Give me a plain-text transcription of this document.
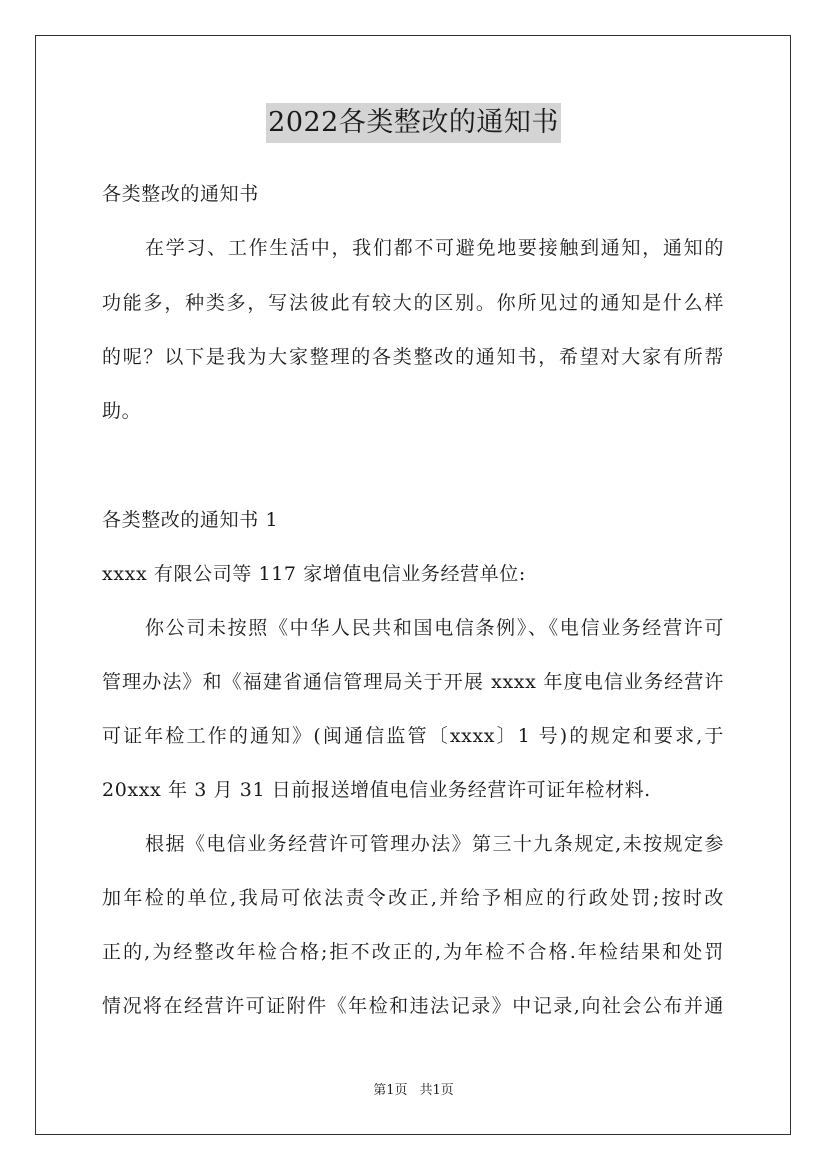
2022各类整改的通知书
各类整改的通知书
在学习、工作生活中，我们都不可避免地要接触到通知，通知的
功能多，种类多，写法彼此有较大的区别。你所见过的通知是什么样
的呢？以下是我为大家整理的各类整改的通知书，希望对大家有所帮
助。
各类整改的通知书 1
xxxx 有限公司等 117 家增值电信业务经营单位:
你公司未按照《中华人民共和国电信条例》、《电信业务经营许可
管理办法》和《福建省通信管理局关于开展 xxxx 年度电信业务经营许
可证年检工作的通知》(闽通信监管〔xxxx〕1 号)的规定和要求,于
20xxx 年 3 月 31 日前报送增值电信业务经营许可证年检材料.
根据《电信业务经营许可管理办法》第三十九条规定,未按规定参
加年检的单位,我局可依法责令改正,并给予相应的行政处罚;按时改
正的,为经整改年检合格;拒不改正的,为年检不合格.年检结果和处罚
情况将在经营许可证附件《年检和违法记录》中记录,向社会公布并通
第1页 共1页
